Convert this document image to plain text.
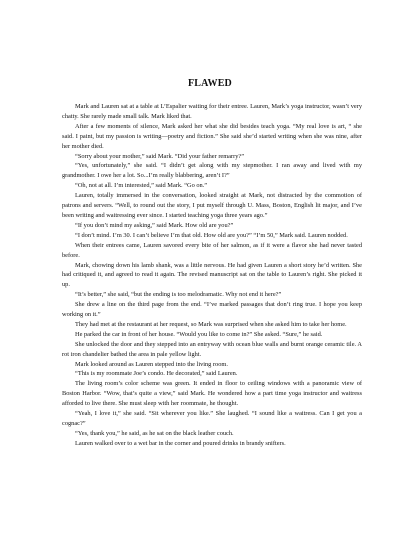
FLAWED

Mark and Lauren sat at a table at L’Espalier waiting for their entree. Lauren, Mark’s yoga instructor, wasn’t very chatty. She rarely made small talk. Mark liked that.

After a few moments of silence, Mark asked her what she did besides teach yoga. “My real love is art, “ she said. I paint, but my passion is writing—poetry and fiction.” She said she’d started writing when she was nine, after her mother died.

“Sorry about your mother,” said Mark. “Did your father remarry?”

“Yes, unfortunately,” she said. “I didn’t get along with my stepmother. I ran away and lived with my grandmother. I owe her a lot. So...I’m really blabbering, aren’t I?”

“Oh, not at all. I’m interested,” said Mark. “Go on.”

Lauren, totally immersed in the conversation, looked straight at Mark, not distracted by the commotion of patrons and servers. “Well, to round out the story, I put myself through U. Mass, Boston, English lit major, and I’ve been writing and waitressing ever since. I started teaching yoga three years ago.”

“If you don’t mind my asking,” said Mark. How old are you?”

“I don’t mind. I’m 30. I can’t believe I’m that old. How old are you?” “I’m 50,” Mark said. Lauren nodded.

When their entrees came, Lauren savored every bite of her salmon, as if it were a flavor she had never tasted before.

Mark, chowing down his lamb shank, was a little nervous. He had given Lauren a short story he’d written. She had critiqued it, and agreed to read it again. The revised manuscript sat on the table to Lauren’s right. She picked it up.

“It’s better,” she said, “but the ending is too melodramatic. Why not end it here?”

She drew a line on the third page from the end. “I’ve marked passages that don’t ring true. I hope you keep working on it.”

They had met at the restaurant at her request, so Mark was surprised when she asked him to take her home.

He parked the car in front of her house. “Would you like to come in?” She asked. “Sure,” he said.

She unlocked the door and they stepped into an entryway with ocean blue walls and burnt orange ceramic tile. A rot iron chandelier bathed the area in pale yellow light.

Mark looked around as Lauren stepped into the living room.

“This is my roommate Joe’s condo. He decorated,” said Lauren.

The living room’s color scheme was green. It ended in floor to ceiling windows with a panoramic view of Boston Harbor. “Wow, that’s quite a view,” said Mark. He wondered how a part time yoga instructor and waitress afforded to live there. She must sleep with her roommate, he thought.

“Yeah, I love it,” she said. “Sit wherever you like.” She laughed. “I sound like a waitress. Can I get you a cognac?”

“Yes, thank you,” he said, as he sat on the black leather couch.

Lauren walked over to a wet bar in the corner and poured drinks in brandy snifters.
